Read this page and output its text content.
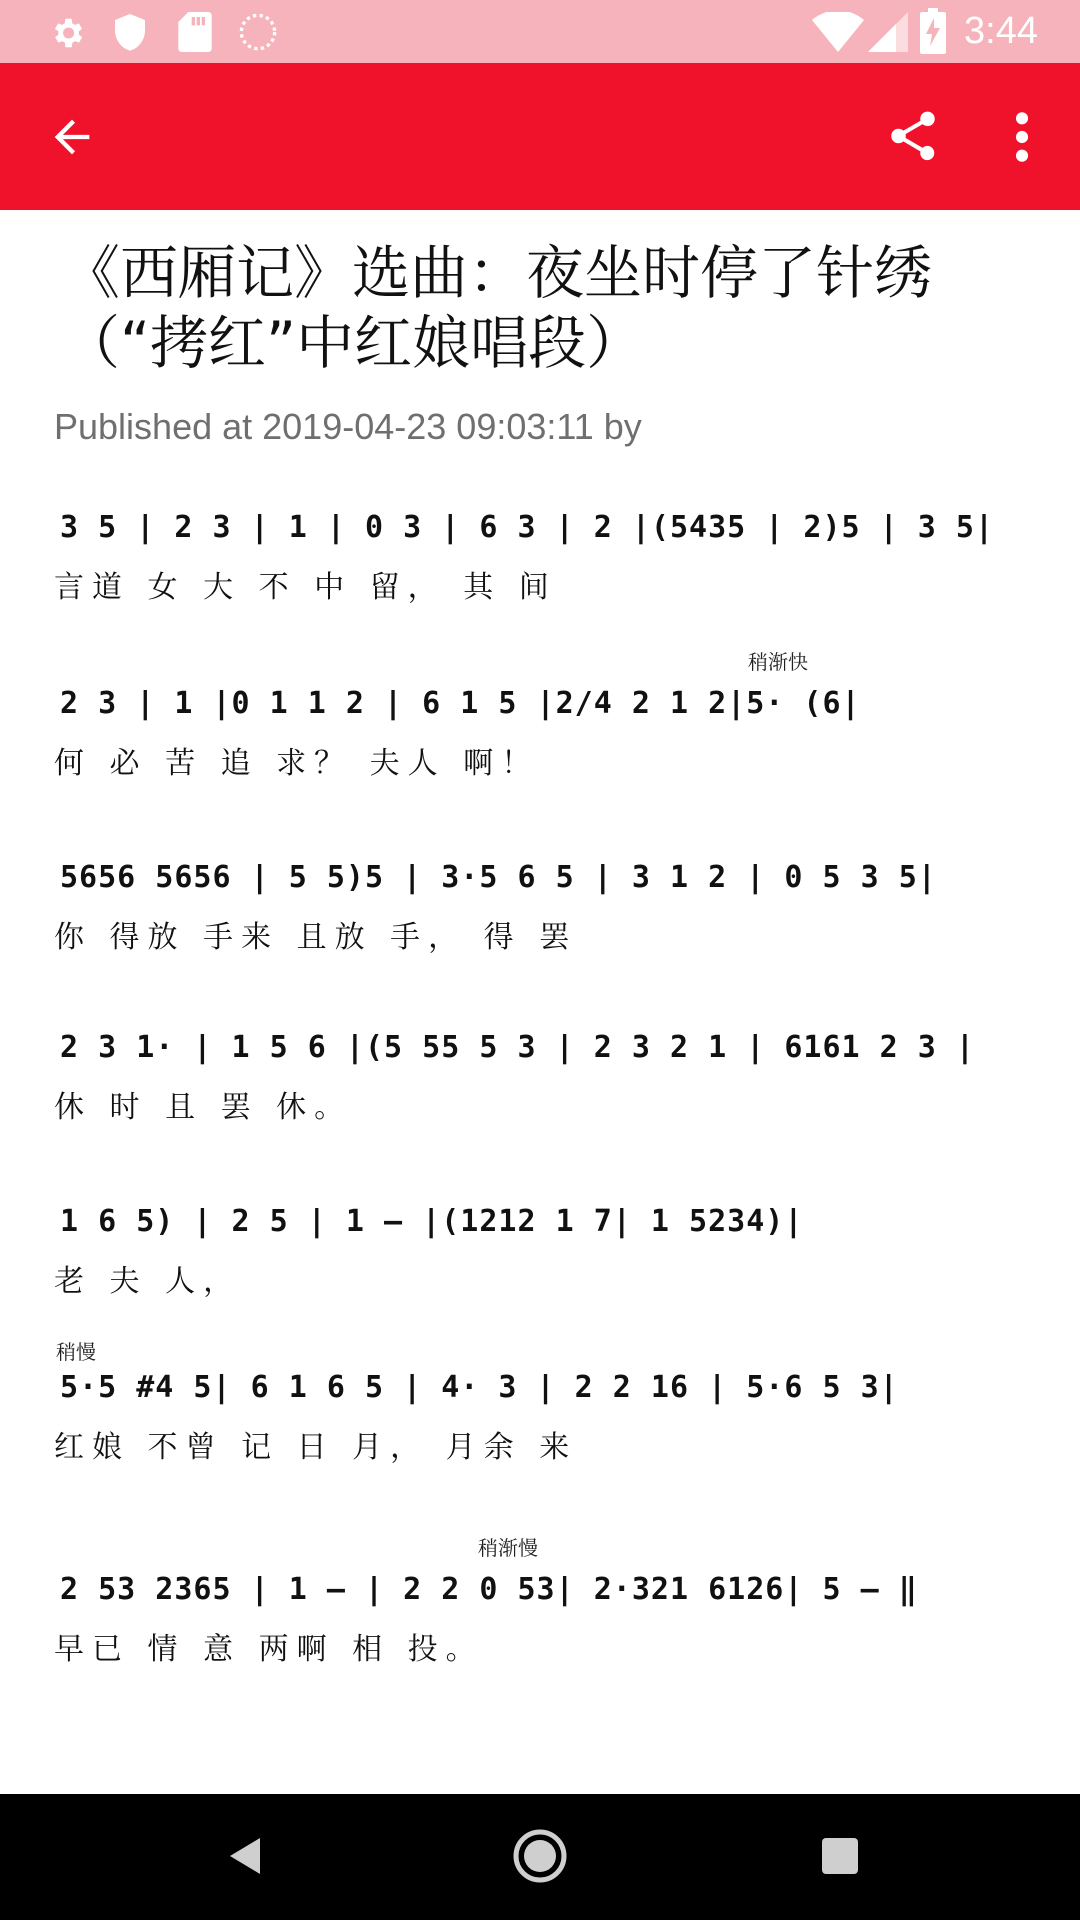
3:44
《西厢记》选曲：夜坐时停了针绣
（“拷红”中红娘唱段）
Published at 2019-04-23 09:03:11 by
3 5 | 2 3 | 1 | 0 3 | 6 3 | 2 |(5435 | 2)5 | 3 5|
言道 女 大 不 中 留， 其 间
稍渐快
2 3 | 1 |0 1 1 2 | 6 1 5 |2/4 2 1 2|5· (6|
何 必 苦 追 求？ 夫人 啊！
5656 5656 | 5 5)5 | 3·5 6 5 | 3 1 2 | 0 5 3 5|
你 得放 手来 且放 手， 得 罢
2 3 1· | 1 5 6 |(5 55 5 3 | 2 3 2 1 | 6161 2 3 |
休 时 且 罢 休。
1 6 5) | 2 5 | 1 — |(1212 1 7| 1 5234)|
老 夫 人，
稍慢
5·5 #4 5| 6 1 6 5 | 4· 3 | 2 2 16 | 5·6 5 3|
红娘 不曾 记 日 月， 月余 来
稍渐慢
2 53 2365 | 1 — | 2 2 0 53| 2·321 6126| 5 — ‖
早已 情 意 两啊 相 投。
